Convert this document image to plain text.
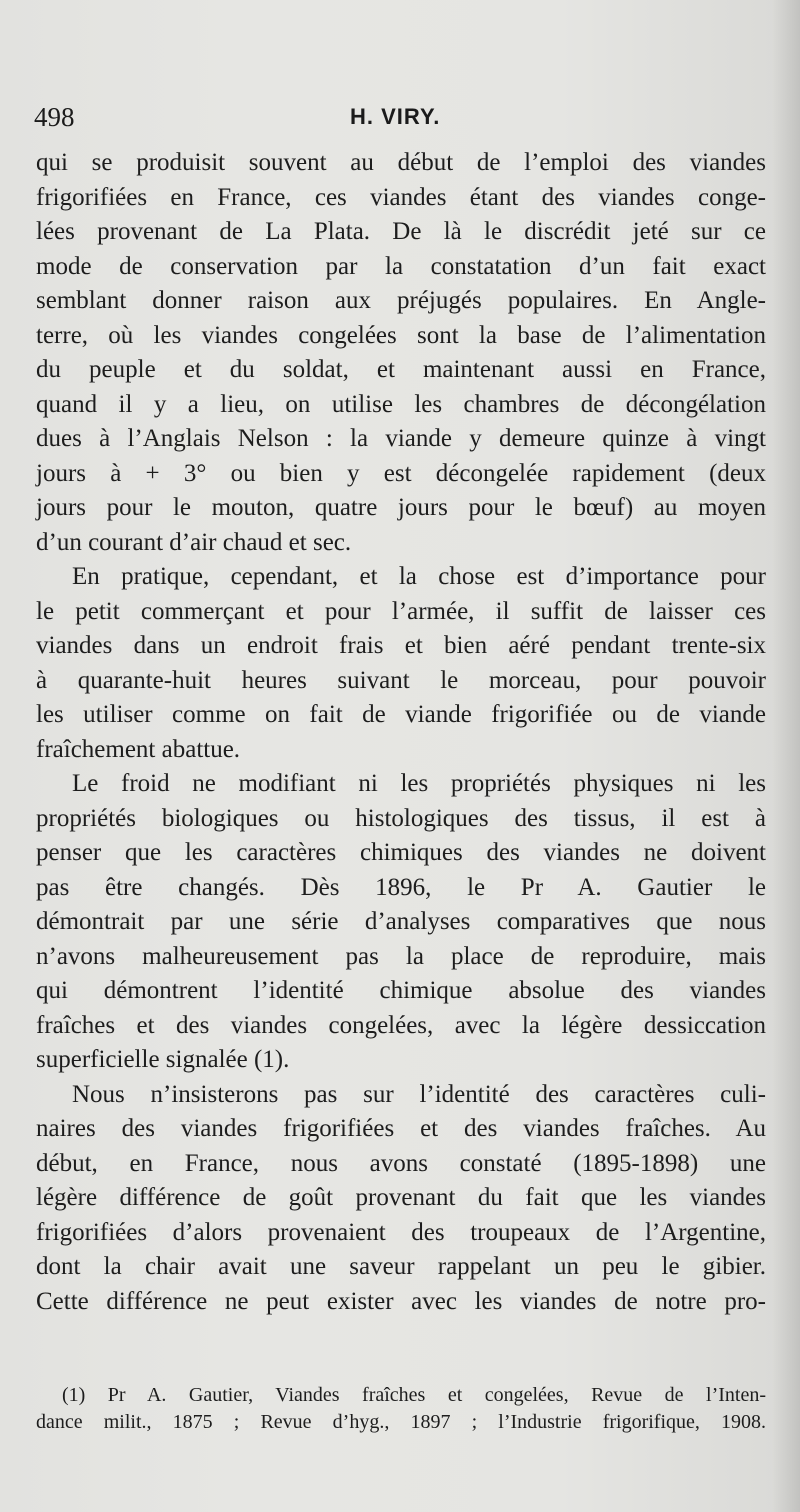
498	H. VIRY.

qui se produisit souvent au début de l’emploi des viandes
frigorifiées en France, ces viandes étant des viandes conge-
lées provenant de La Plata. De là le discrédit jeté sur ce
mode de conservation par la constatation d’un fait exact
semblant donner raison aux préjugés populaires. En Angle-
terre, où les viandes congelées sont la base de l’alimentation
du peuple et du soldat, et maintenant aussi en France,
quand il y a lieu, on utilise les chambres de décongélation
dues à l’Anglais Nelson : la viande y demeure quinze à vingt
jours à + 3° ou bien y est décongelée rapidement (deux
jours pour le mouton, quatre jours pour le bœuf) au moyen
d’un courant d’air chaud et sec.

En pratique, cependant, et la chose est d’importance pour
le petit commerçant et pour l’armée, il suffit de laisser ces
viandes dans un endroit frais et bien aéré pendant trente-six
à quarante-huit heures suivant le morceau, pour pouvoir
les utiliser comme on fait de viande frigorifiée ou de viande
fraîchement abattue.

Le froid ne modifiant ni les propriétés physiques ni les
propriétés biologiques ou histologiques des tissus, il est à
penser que les caractères chimiques des viandes ne doivent
pas être changés. Dès 1896, le Pr A. Gautier le
démontrait par une série d’analyses comparatives que nous
n’avons malheureusement pas la place de reproduire, mais
qui démontrent l’identité chimique absolue des viandes
fraîches et des viandes congelées, avec la légère dessiccation
superficielle signalée (1).

Nous n’insisterons pas sur l’identité des caractères culi-
naires des viandes frigorifiées et des viandes fraîches. Au
début, en France, nous avons constaté (1895-1898) une
légère différence de goût provenant du fait que les viandes
frigorifiées d’alors provenaient des troupeaux de l’Argentine,
dont la chair avait une saveur rappelant un peu le gibier.
Cette différence ne peut exister avec les viandes de notre pro-

(1) Pr A. Gautier, Viandes fraîches et congelées, Revue de l’Inten-
dance milit., 1875 ; Revue d’hyg., 1897 ; l’Industrie frigorifique, 1908.
